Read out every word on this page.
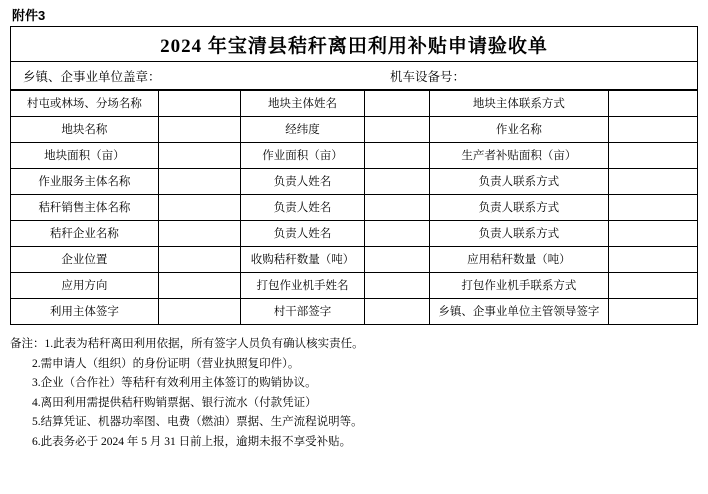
附件3
2024 年宝清县秸秆离田利用补贴申请验收单
乡镇、企事业单位盖章：	机车设备号：
村屯或林场、分场名称		地块主体姓名		地块主体联系方式	
地块名称		经纬度		作业名称	
地块面积（亩）		作业面积（亩）		生产者补贴面积（亩）	
作业服务主体名称		负责人姓名		负责人联系方式	
秸秆销售主体名称		负责人姓名		负责人联系方式	
秸秆企业名称		负责人姓名		负责人联系方式	
企业位置		收购秸秆数量（吨）		应用秸秆数量（吨）	
应用方向		打包作业机手姓名		打包作业机手联系方式	
利用主体签字		村干部签字		乡镇、企事业单位主管领导签字	
备注：1.此表为秸秆离田利用依据，所有签字人员负有确认核实责任。
2.需申请人（组织）的身份证明（营业执照复印件）。
3.企业（合作社）等秸秆有效利用主体签订的购销协议。
4.离田利用需提供秸秆购销票据、银行流水（付款凭证）
5.结算凭证、机器功率图、电费（燃油）票据、生产流程说明等。
6.此表务必于 2024 年 5 月 31 日前上报，逾期未报不享受补贴。
